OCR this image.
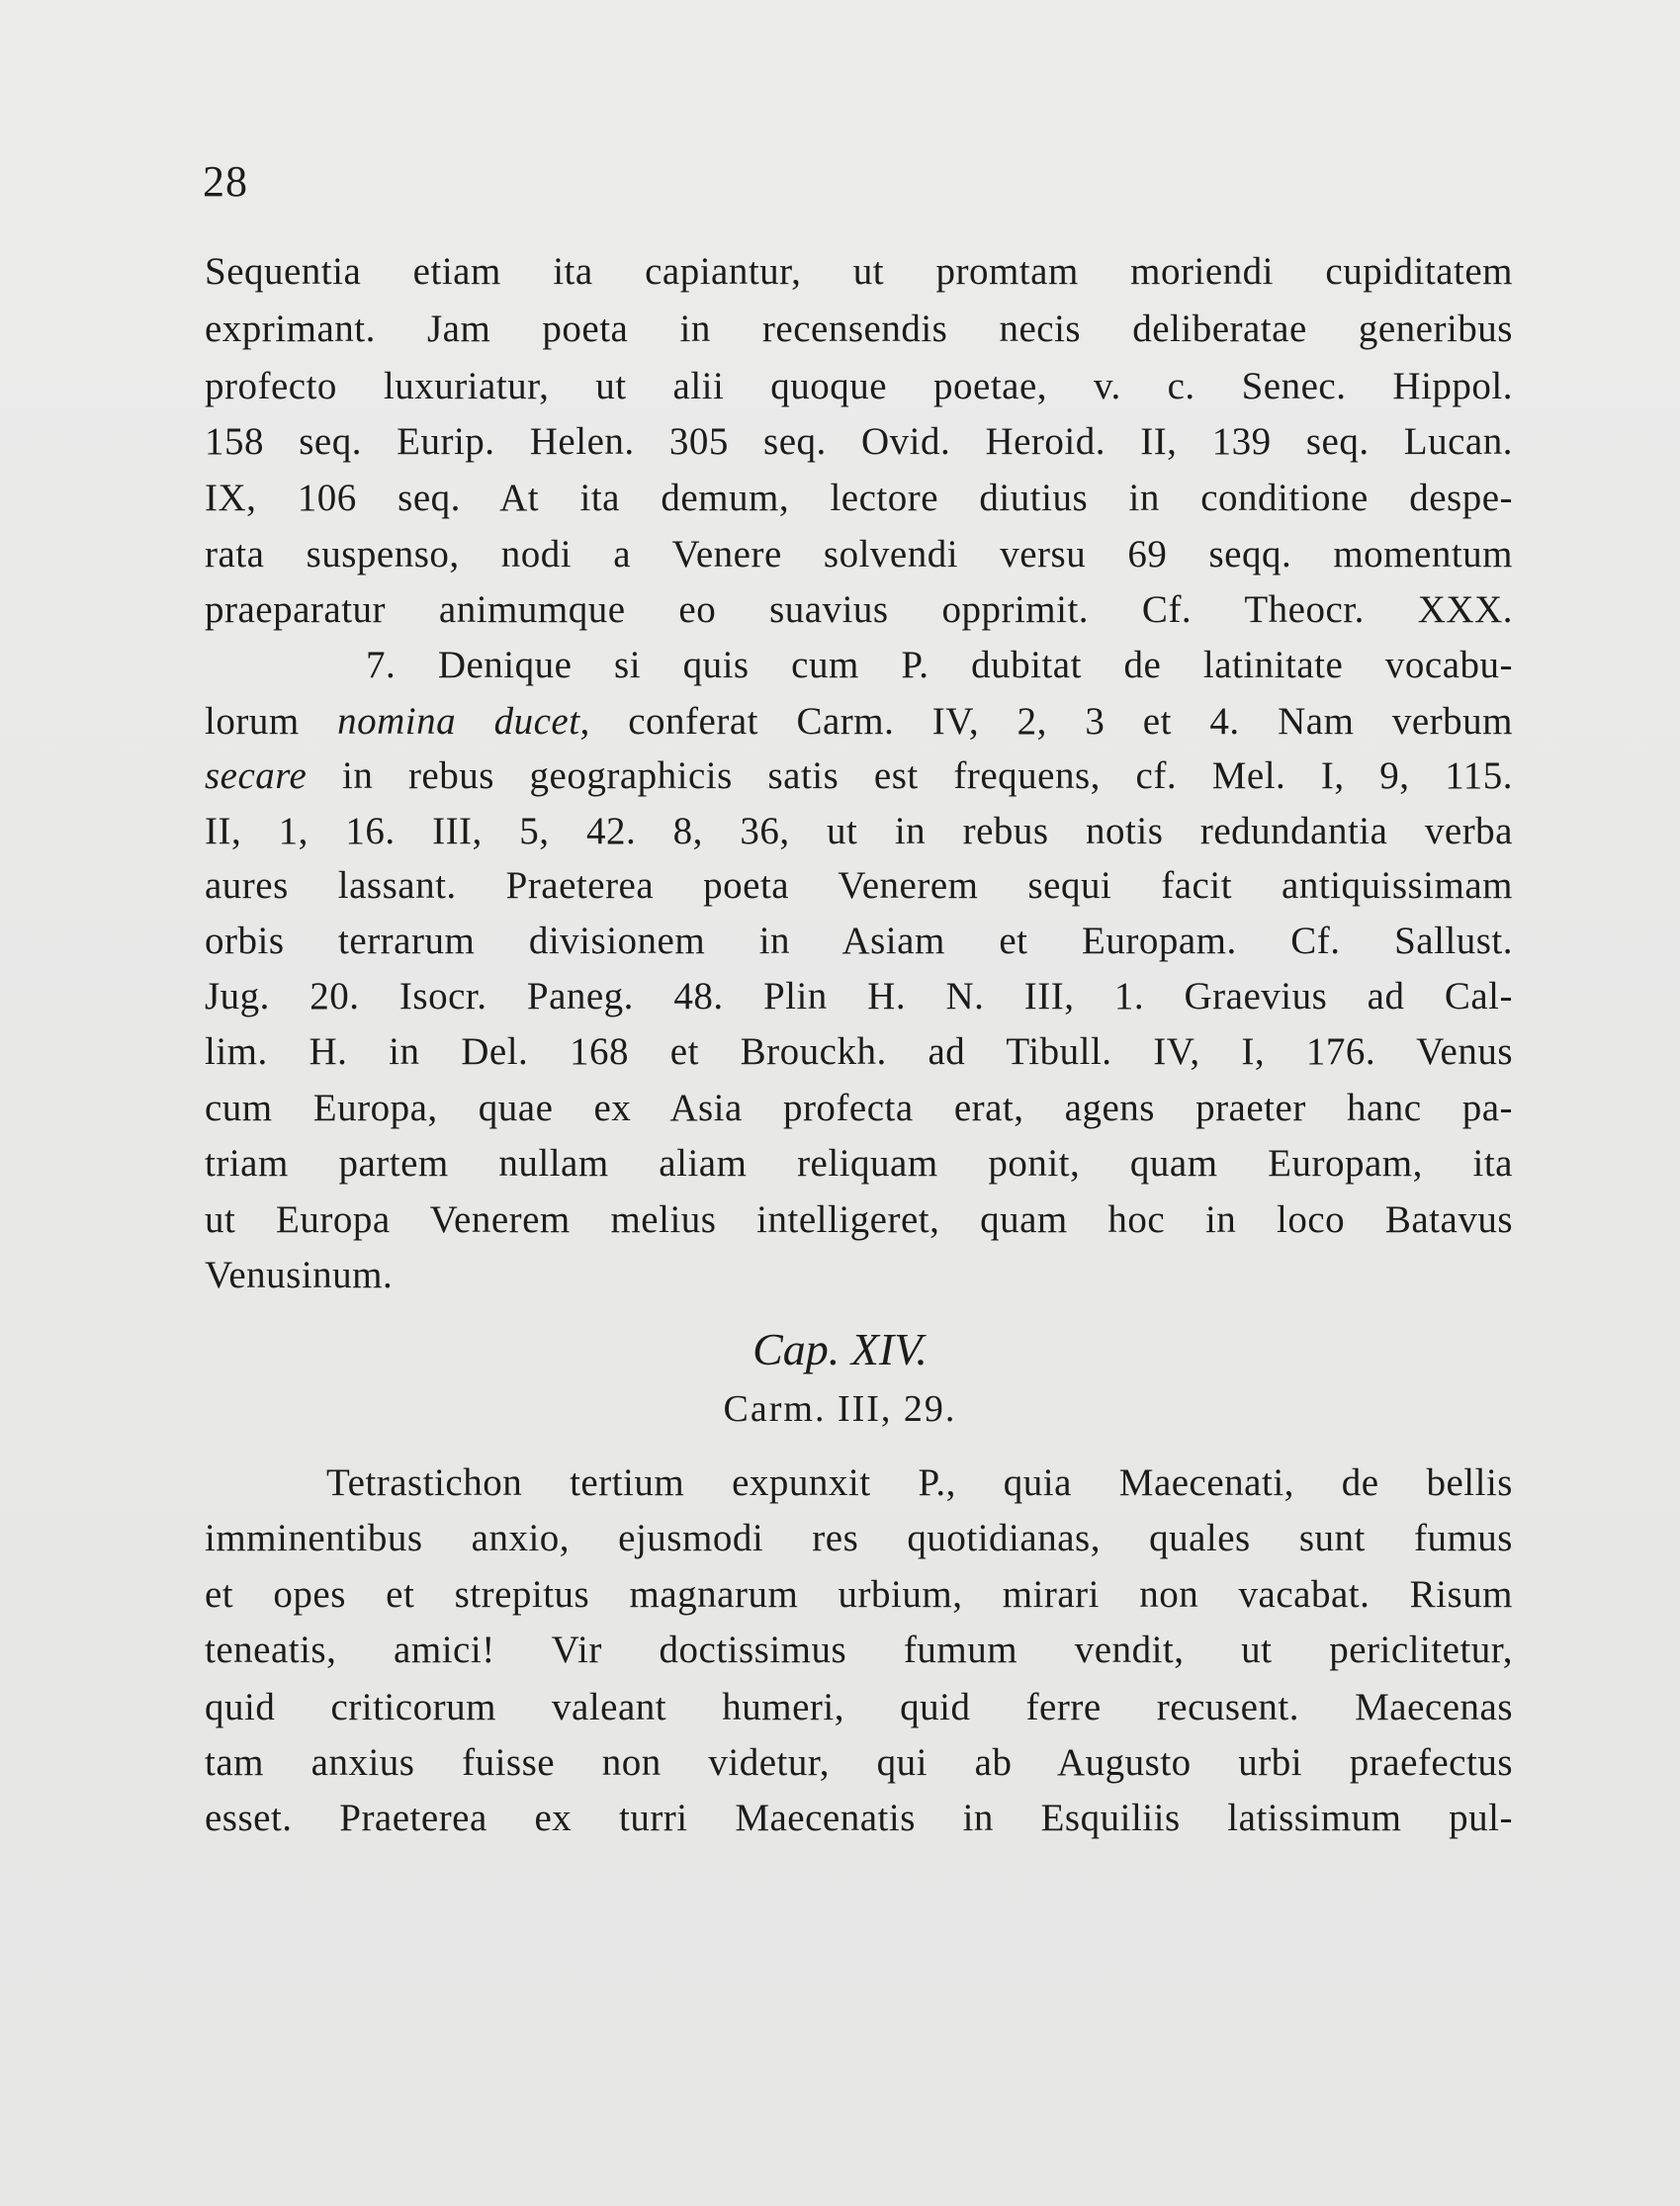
28
Sequentia etiam ita capiantur, ut promtam moriendi cupiditatem
exprimant. Jam poeta in recensendis necis deliberatae generibus
profecto luxuriatur, ut alii quoque poetae, v. c. Senec. Hippol.
158 seq. Eurip. Helen. 305 seq. Ovid. Heroid. II, 139 seq. Lucan.
IX, 106 seq. At ita demum, lectore diutius in conditione despe-
rata suspenso, nodi a Venere solvendi versu 69 seqq. momentum
praeparatur animumque eo suavius opprimit. Cf. Theocr. XXX.
7. Denique si quis cum P. dubitat de latinitate vocabu-
lorum nomina ducet, conferat Carm. IV, 2, 3 et 4. Nam verbum
secare in rebus geographicis satis est frequens, cf. Mel. I, 9, 115.
II, 1, 16. III, 5, 42. 8, 36, ut in rebus notis redundantia verba
aures lassant. Praeterea poeta Venerem sequi facit antiquissimam
orbis terrarum divisionem in Asiam et Europam. Cf. Sallust.
Jug. 20. Isocr. Paneg. 48. Plin H. N. III, 1. Graevius ad Cal-
lim. H. in Del. 168 et Brouckh. ad Tibull. IV, I, 176. Venus
cum Europa, quae ex Asia profecta erat, agens praeter hanc pa-
triam partem nullam aliam reliquam ponit, quam Europam, ita
ut Europa Venerem melius intelligeret, quam hoc in loco Batavus
Venusinum.
Cap. XIV.
Carm. III, 29.
Tetrastichon tertium expunxit P., quia Maecenati, de bellis
imminentibus anxio, ejusmodi res quotidianas, quales sunt fumus
et opes et strepitus magnarum urbium, mirari non vacabat. Risum
teneatis, amici! Vir doctissimus fumum vendit, ut periclitetur,
quid criticorum valeant humeri, quid ferre recusent. Maecenas
tam anxius fuisse non videtur, qui ab Augusto urbi praefectus
esset. Praeterea ex turri Maecenatis in Esquiliis latissimum pul-
